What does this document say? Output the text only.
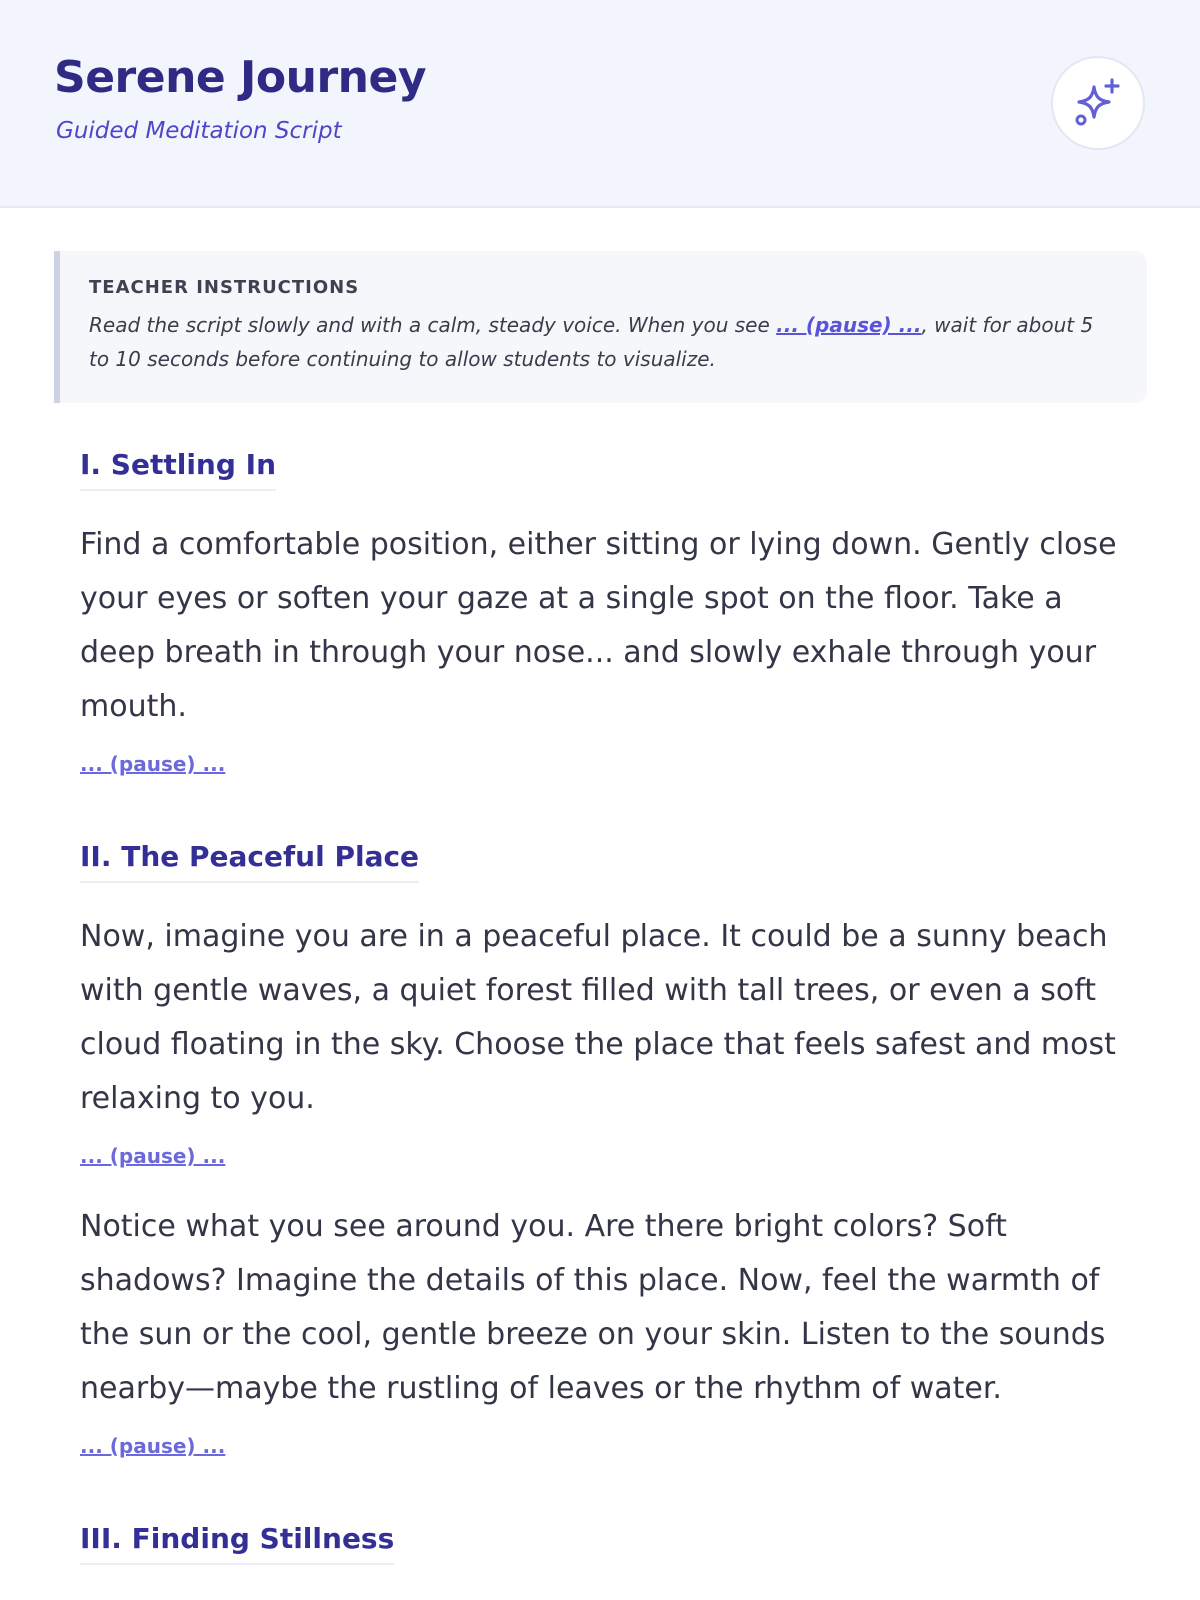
Serene Journey
Guided Meditation Script
TEACHER INSTRUCTIONS

Read the script slowly and with a calm, steady voice. When you see ... (pause) ..., wait for about 5 to 10 seconds before continuing to allow students to visualize.

I. Settling In

Find a comfortable position, either sitting or lying down. Gently close your eyes or soften your gaze at a single spot on the floor. Take a deep breath in through your nose... and slowly exhale through your mouth.

... (pause) ...
II. The Peaceful Place

Now, imagine you are in a peaceful place. It could be a sunny beach with gentle waves, a quiet forest filled with tall trees, or even a soft cloud floating in the sky. Choose the place that feels safest and most relaxing to you.

... (pause) ...

Notice what you see around you. Are there bright colors? Soft shadows? Imagine the details of this place. Now, feel the warmth of the sun or the cool, gentle breeze on your skin. Listen to the sounds nearby—maybe the rustling of leaves or the rhythm of water.

... (pause) ...
III. Finding Stillness
